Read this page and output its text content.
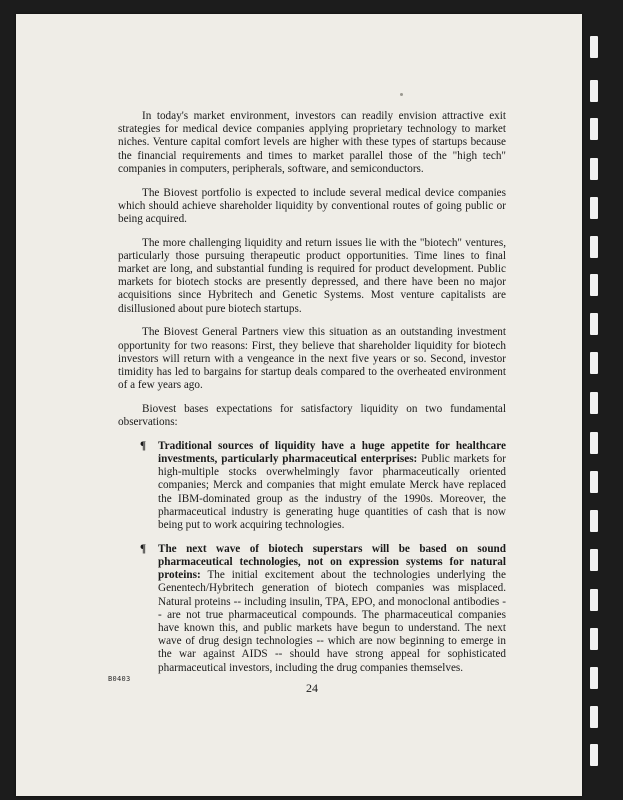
In today's market environment, investors can readily envision attractive exit strategies for medical device companies applying proprietary technology to market niches. Venture capital comfort levels are higher with these types of startups because the financial requirements and times to market parallel those of the "high tech" companies in computers, peripherals, software, and semiconductors.

The Biovest portfolio is expected to include several medical device companies which should achieve shareholder liquidity by conventional routes of going public or being acquired.

The more challenging liquidity and return issues lie with the "biotech" ventures, particularly those pursuing therapeutic product opportunities. Time lines to final market are long, and substantial funding is required for product development. Public markets for biotech stocks are presently depressed, and there have been no major acquisitions since Hybritech and Genetic Systems. Most venture capitalists are disillusioned about pure biotech startups.

The Biovest General Partners view this situation as an outstanding investment opportunity for two reasons: First, they believe that shareholder liquidity for biotech investors will return with a vengeance in the next five years or so. Second, investor timidity has led to bargains for startup deals compared to the overheated environment of a few years ago.

Biovest bases expectations for satisfactory liquidity on two fundamental observations:

¶ Traditional sources of liquidity have a huge appetite for healthcare investments, particularly pharmaceutical enterprises: Public markets for high-multiple stocks overwhelmingly favor pharmaceutically oriented companies; Merck and companies that might emulate Merck have replaced the IBM-dominated group as the industry of the 1990s. Moreover, the pharmaceutical industry is generating huge quantities of cash that is now being put to work acquiring technologies.
¶ The next wave of biotech superstars will be based on sound pharmaceutical technologies, not on expression systems for natural proteins: The initial excitement about the technologies underlying the Genentech/Hybritech generation of biotech companies was misplaced. Natural proteins -- including insulin, TPA, EPO, and monoclonal antibodies -- are not true pharmaceutical compounds. The pharmaceutical companies have known this, and public markets have begun to understand. The next wave of drug design technologies -- which are now beginning to emerge in the war against AIDS -- should have strong appeal for sophisticated pharmaceutical investors, including the drug companies themselves.
B0403
24
